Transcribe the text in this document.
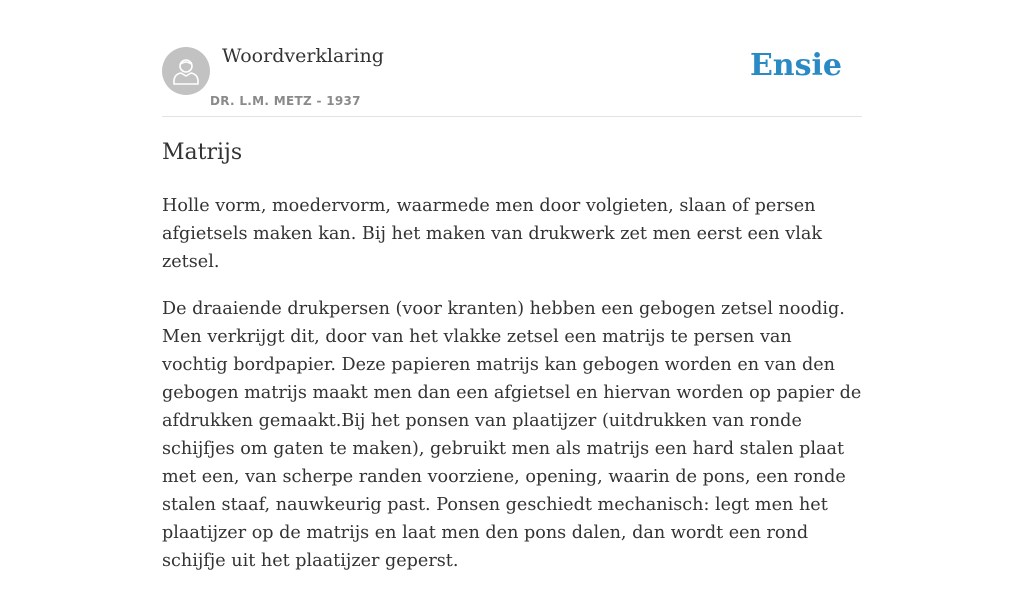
Woordverklaring
DR. L.M. METZ - 1937
Ensie
Matrijs

Holle vorm, moedervorm, waarmede men door volgieten, slaan of persen afgietsels maken kan. Bij het maken van drukwerk zet men eerst een vlak zetsel.

De draaiende drukpersen (voor kranten) hebben een gebogen zetsel noodig. Men verkrijgt dit, door van het vlakke zetsel een matrijs te persen van vochtig bordpapier. Deze papieren matrijs kan gebogen worden en van den gebogen matrijs maakt men dan een afgietsel en hiervan worden op papier de afdrukken gemaakt.Bij het ponsen van plaatijzer (uitdrukken van ronde schijfjes om gaten te maken), gebruikt men als matrijs een hard stalen plaat met een, van scherpe randen voorziene, opening, waarin de pons, een ronde stalen staaf, nauwkeurig past. Ponsen geschiedt mechanisch: legt men het plaatijzer op de matrijs en laat men den pons dalen, dan wordt een rond schijfje uit het plaatijzer geperst.
